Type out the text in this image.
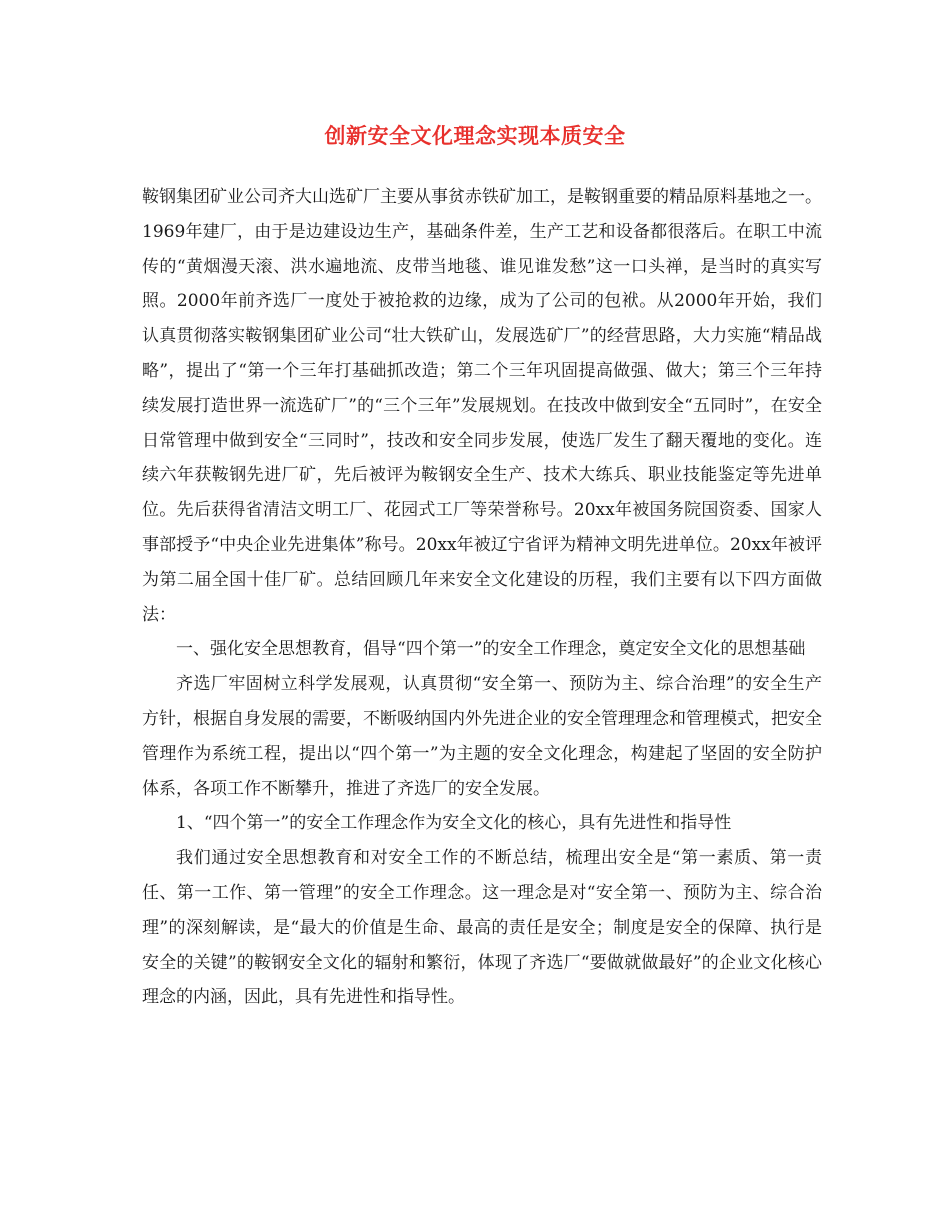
创新安全文化理念实现本质安全

鞍钢集团矿业公司齐大山选矿厂主要从事贫赤铁矿加工，是鞍钢重要的精品原料基地之一。1969年建厂，由于是边建设边生产，基础条件差，生产工艺和设备都很落后。在职工中流传的“黄烟漫天滚、洪水遍地流、皮带当地毯、谁见谁发愁”这一口头禅，是当时的真实写照。2000年前齐选厂一度处于被抢救的边缘，成为了公司的包袱。从2000年开始，我们认真贯彻落实鞍钢集团矿业公司“壮大铁矿山，发展选矿厂”的经营思路，大力实施“精品战略”，提出了“第一个三年打基础抓改造；第二个三年巩固提高做强、做大；第三个三年持续发展打造世界一流选矿厂”的“三个三年”发展规划。在技改中做到安全“五同时”，在安全日常管理中做到安全“三同时”，技改和安全同步发展，使选厂发生了翻天覆地的变化。连续六年获鞍钢先进厂矿，先后被评为鞍钢安全生产、技术大练兵、职业技能鉴定等先进单位。先后获得省清洁文明工厂、花园式工厂等荣誉称号。20xx年被国务院国资委、国家人事部授予“中央企业先进集体”称号。20xx年被辽宁省评为精神文明先进单位。20xx年被评为第二届全国十佳厂矿。总结回顾几年来安全文化建设的历程，我们主要有以下四方面做法：

一、强化安全思想教育，倡导“四个第一”的安全工作理念，奠定安全文化的思想基础

齐选厂牢固树立科学发展观，认真贯彻“安全第一、预防为主、综合治理”的安全生产方针，根据自身发展的需要，不断吸纳国内外先进企业的安全管理理念和管理模式，把安全管理作为系统工程，提出以“四个第一”为主题的安全文化理念，构建起了坚固的安全防护体系，各项工作不断攀升，推进了齐选厂的安全发展。

1、“四个第一”的安全工作理念作为安全文化的核心，具有先进性和指导性

我们通过安全思想教育和对安全工作的不断总结，梳理出安全是“第一素质、第一责任、第一工作、第一管理”的安全工作理念。这一理念是对“安全第一、预防为主、综合治理”的深刻解读，是“最大的价值是生命、最高的责任是安全；制度是安全的保障、执行是安全的关键”的鞍钢安全文化的辐射和繁衍，体现了齐选厂“要做就做最好”的企业文化核心理念的内涵，因此，具有先进性和指导性。
